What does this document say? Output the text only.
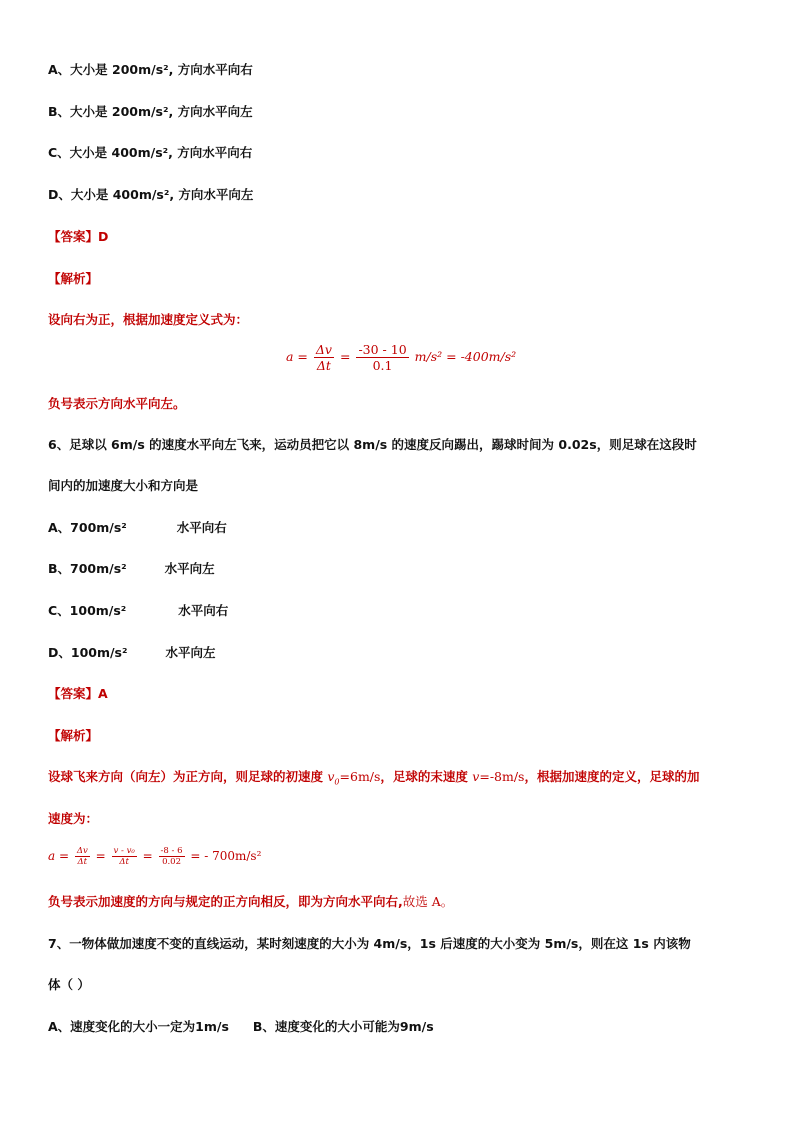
A、大小是 200m/s², 方向水平向右
B、大小是 200m/s², 方向水平向左
C、大小是 400m/s², 方向水平向右
D、大小是 400m/s², 方向水平向左
【答案】D
【解析】
设向右为正，根据加速度定义式为：
$a = \frac{\Delta v}{\Delta t} = \frac{-30 - 10}{0.1} m/s^2 = -400m/s^2$
负号表示方向水平向左。
6、足球以 6m/s 的速度水平向左飞来，运动员把它以 8m/s 的速度反向踢出，踢球时间为 0.02s，则足球在这段时
间内的加速度大小和方向是
A、700m/s²	水平向右
B、700m/s²	水平向左
C、100m/s²	水平向右
D、100m/s²	水平向左
【答案】A
【解析】
设球飞来方向（向左）为正方向，则足球的初速度 $v_0=6m/s$，足球的末速度 v=-8m/s，根据加速度的定义，足球的加
速度为：
$a = \frac{\Delta v}{\Delta t} = \frac{\text{v - v₀}}{\Delta t} = \frac{-8 - 6}{0.02}$ = - 700m/s²
负号表示加速度的方向与规定的正方向相反，即为方向水平向右,故选 A。
7、一物体做加速度不变的直线运动，某时刻速度的大小为 4m/s，1s 后速度的大小变为 5m/s，则在这 1s 内该物
体（ ）
A、速度变化的大小一定为1m/s B、速度变化的大小可能为9m/s
